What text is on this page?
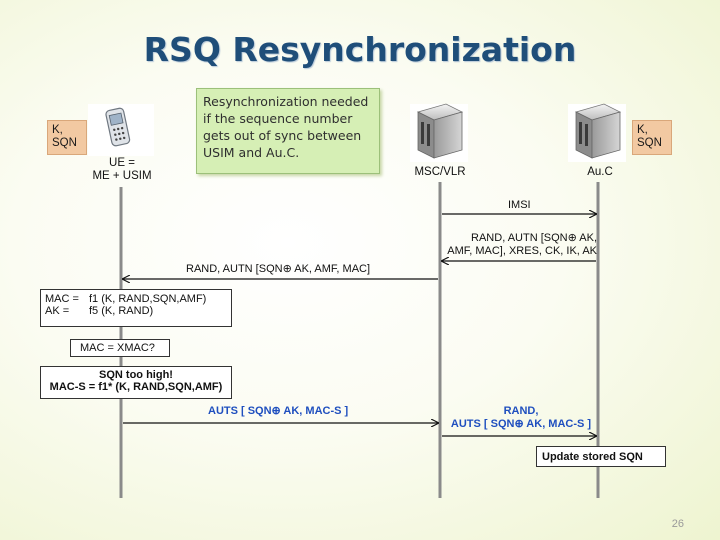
RSQ Resynchronization
Resynchronization needed if the sequence number gets out of sync between USIM and Au.C.
K,
SQN
UE =
ME + USIM	MSC/VLR	Au.C
K,
SQN
IMSI
RAND, AUTN [SQN⊕ AK,
AMF, MAC], XRES, CK, IK, AK
RAND, AUTN [SQN⊕ AK, AMF, MAC]
MAC = f1 (K, RAND,SQN,AMF)
AK =	f5 (K, RAND)
MAC = XMAC?
SQN too high!
MAC-S = f1* (K, RAND,SQN,AMF)
AUTS [ SQN⊕ AK, MAC-S ]	RAND,
AUTS [ SQN⊕ AK, MAC-S ]
Update stored SQN
26
